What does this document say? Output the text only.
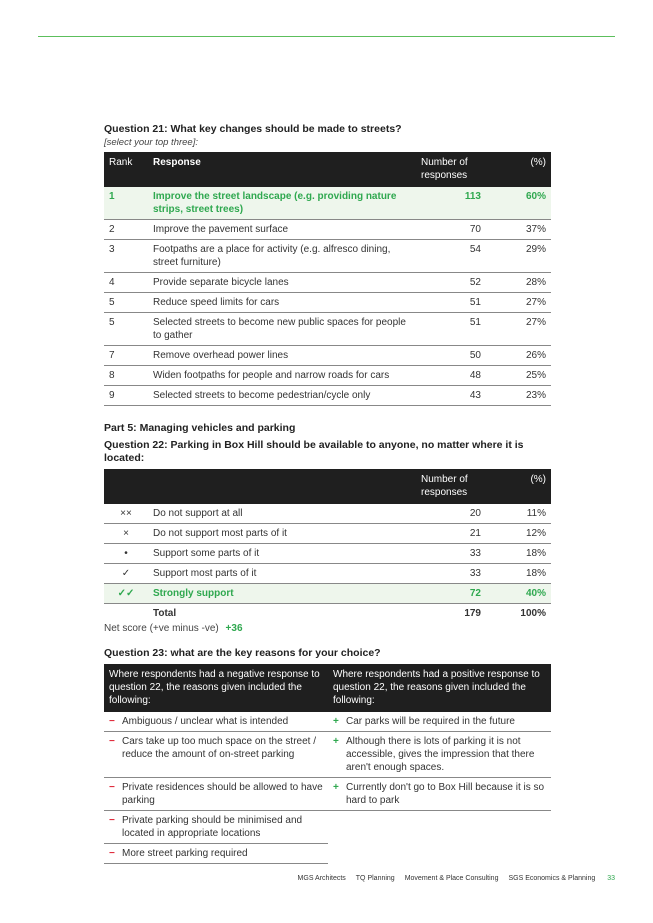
Question 21: What key changes should be made to streets?
[select your top three]:
Rank	Response	Number of responses	(%)
1	Improve the street landscape (e.g. providing nature strips, street trees)	113	60%
2	Improve the pavement surface	70	37%
3	Footpaths are a place for activity (e.g. alfresco dining, street furniture)	54	29%
4	Provide separate bicycle lanes	52	28%
5	Reduce speed limits for cars	51	27%
5	Selected streets to become new public spaces for people to gather	51	27%
7	Remove overhead power lines	50	26%
8	Widen footpaths for people and narrow roads for cars	48	25%
9	Selected streets to become pedestrian/cycle only	43	23%
Part 5: Managing vehicles and parking
Question 22: Parking in Box Hill should be available to anyone, no matter where it is located:
		Number of responses	(%)
××	Do not support at all	20	11%
×	Do not support most parts of it	21	12%
•	Support some parts of it	33	18%
✓	Support most parts of it	33	18%
✓✓	Strongly support	72	40%
	Total	179	100%
Net score (+ve minus -ve) +36
Question 23: what are the key reasons for your choice?
Where respondents had a negative response to question 22, the reasons given included the following:	Where respondents had a positive response to question 22, the reasons given included the following:

− Ambiguous / unclear what is intended	+ Car parks will be required in the future

− Cars take up too much space on the street / reduce the amount of on-street parking	+ Although there is lots of parking it is not accessible, gives the impression that there aren't enough spaces.

− Private residences should be allowed to have parking	+ Currently don't go to Box Hill because it is so hard to park

− Private parking should be minimised and located in appropriate locations	

− More street parking required	
MGS Architects TQ Planning Movement & Place Consulting SGS Economics & Planning 33
